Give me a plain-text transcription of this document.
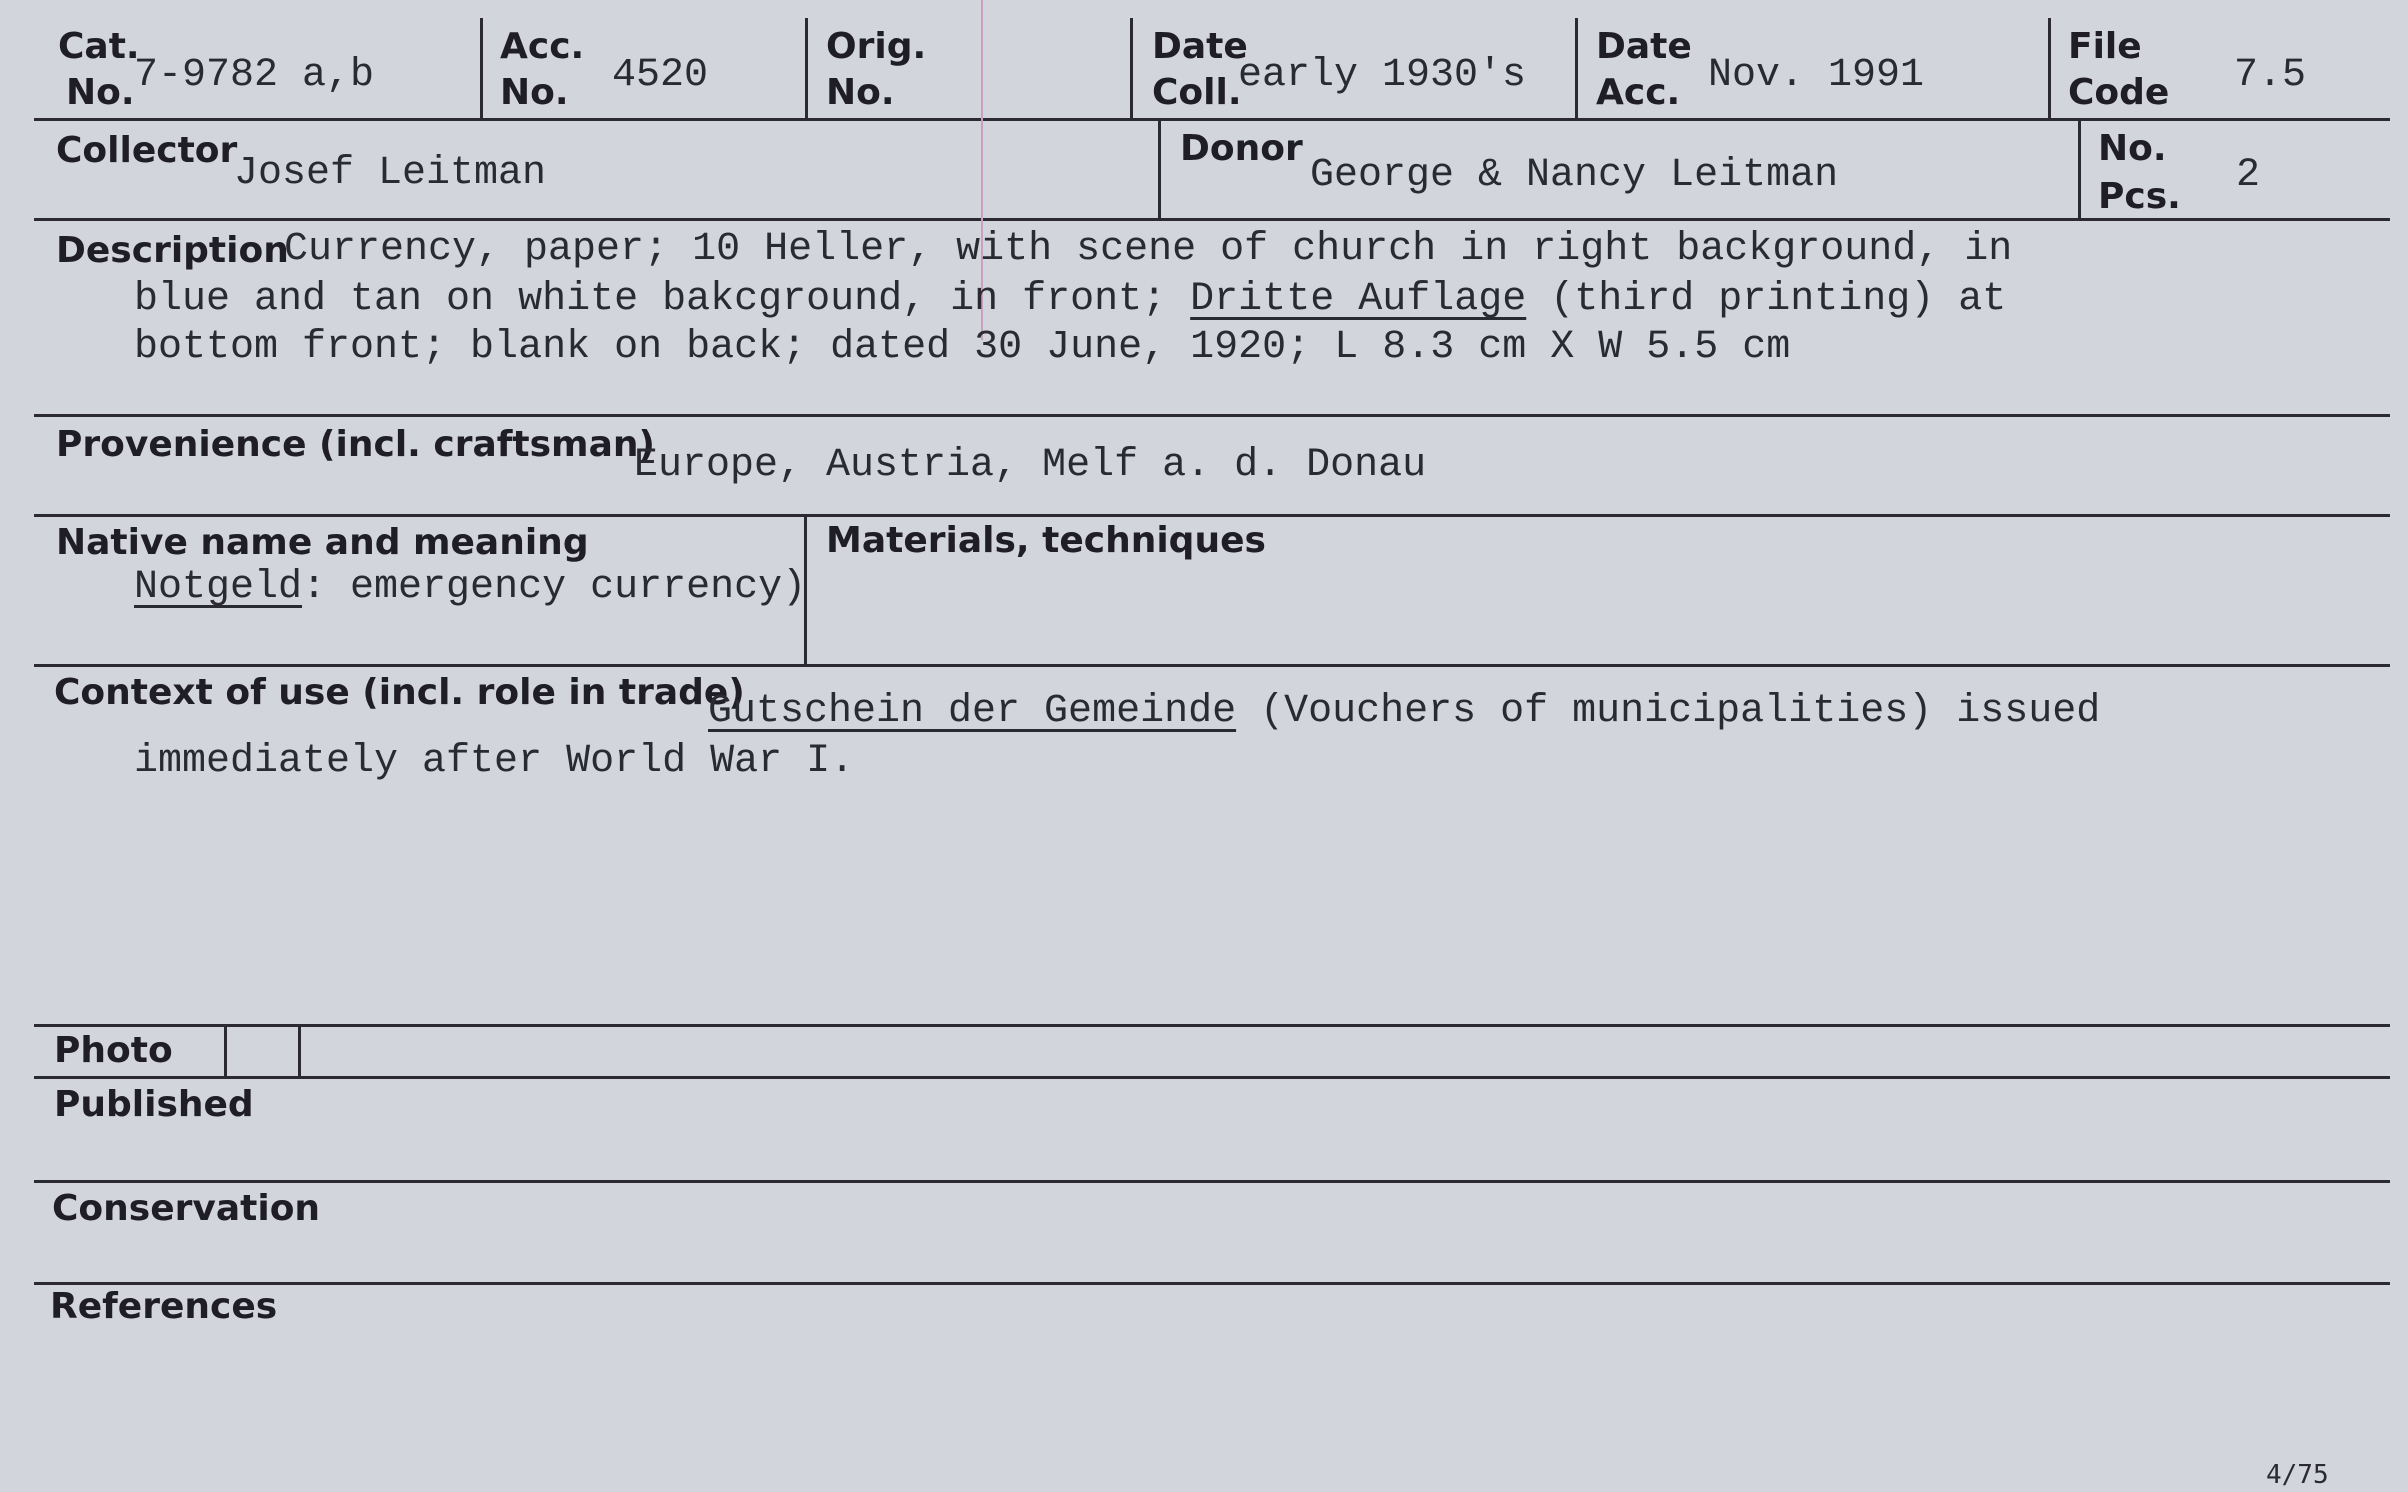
Cat.
No. 7-9782 a,b
Acc.
No. 4520
Orig.
No.
Date
Coll.
early 1930's
Date
Acc. Nov. 1991
File
Code 7.5
Collector
Josef Leitman
Donor
George & Nancy Leitman
No.
Pcs. 2
Description
Currency, paper; 10 Heller, with scene of church in right background, in
blue and tan on white bakcground, in front; Dritte Auflage (third printing) at
bottom front; blank on back; dated 30 June, 1920; L 8.3 cm X W 5.5 cm
Provenience (incl. craftsman)
Europe, Austria, Melf a. d. Donau
Native name and meaning
Notgeld: emergency currency)
Materials, techniques
Context of use (incl. role in trade)
Gutschein der Gemeinde (Vouchers of municipalities) issued
immediately after World War I.
Photo
Published
Conservation
References
4/75
